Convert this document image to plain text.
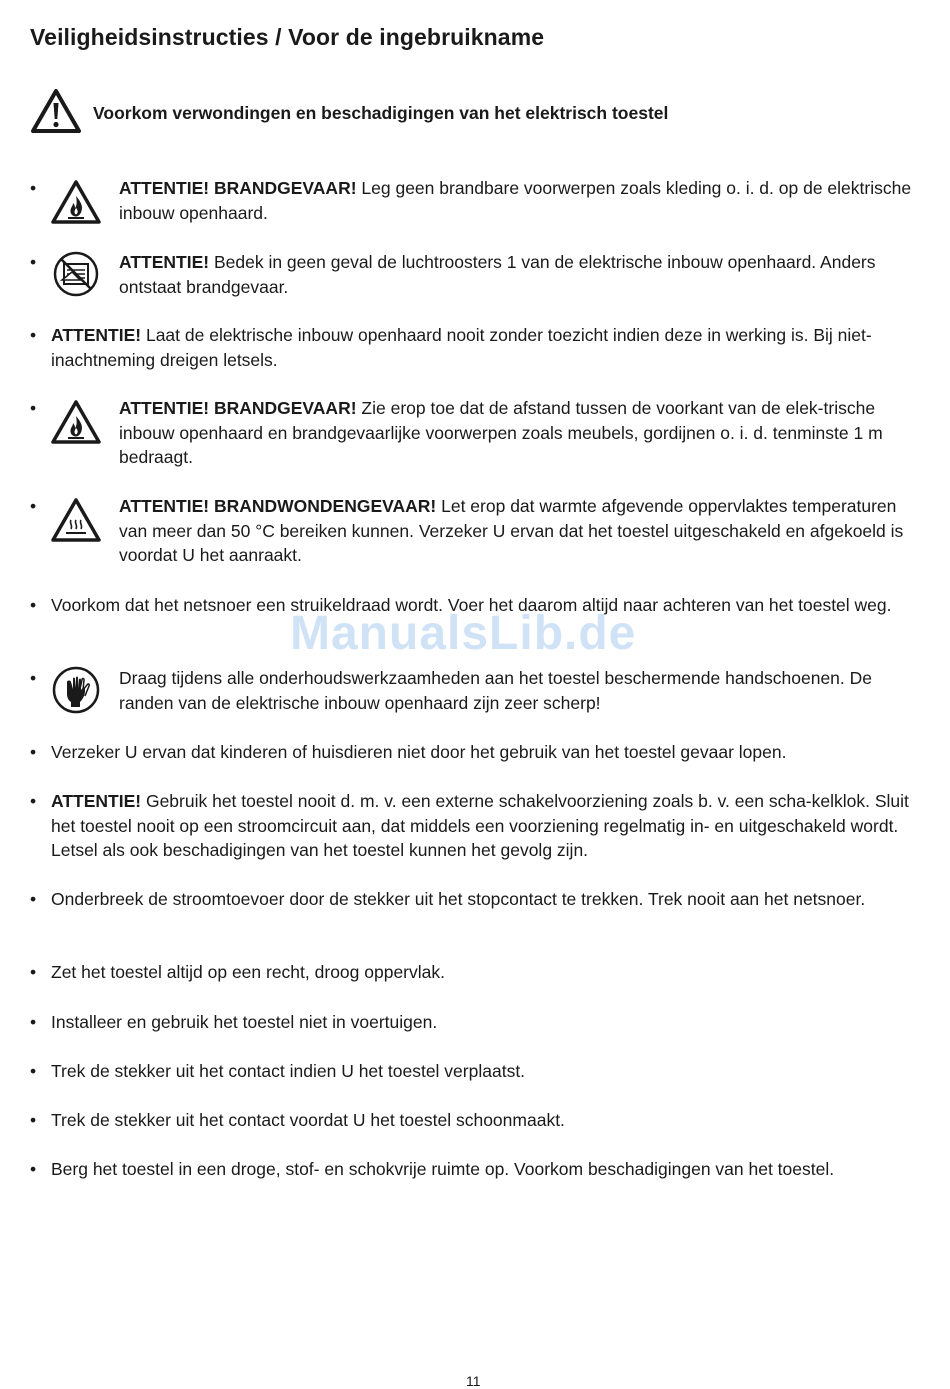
Veiligheidsinstructies / Voor de ingebruikname
Voorkom verwondingen en beschadigingen van het elektrisch toestel
•	ATTENTIE! BRANDGEVAAR! Leg geen brandbare voorwerpen zoals kleding o. i. d. op de elektrische inbouw openhaard.
•	ATTENTIE! Bedek in geen geval de luchtroosters 1 van de elektrische inbouw openhaard. Anders ontstaat brandgevaar.
• ATTENTIE! Laat de elektrische inbouw openhaard nooit zonder toezicht indien deze in werking is. Bij niet- inachtneming dreigen letsels.
•	ATTENTIE! BRANDGEVAAR! Zie erop toe dat de afstand tussen de voorkant van de elek-trische inbouw openhaard en brandgevaarlijke voorwerpen zoals meubels, gordijnen o. i. d. tenminste 1 m bedraagt.
•	ATTENTIE! BRANDWONDENGEVAAR! Let erop dat warmte afgevende oppervlaktes temperaturen van meer dan 50 °C bereiken kunnen. Verzeker U ervan dat het toestel uitgeschakeld en afgekoeld is voordat U het aanraakt.
• Voorkom dat het netsnoer een struikeldraad wordt. Voer het daarom altijd naar achteren van het toestel weg.
•	Draag tijdens alle onderhoudswerkzaamheden aan het toestel beschermende handschoenen. De randen van de elektrische inbouw openhaard zijn zeer scherp!
• Verzeker U ervan dat kinderen of huisdieren niet door het gebruik van het toestel gevaar lopen.
• ATTENTIE! Gebruik het toestel nooit d. m. v. een externe schakelvoorziening zoals b. v. een scha-kelklok. Sluit het toestel nooit op een stroomcircuit aan, dat middels een voorziening regelmatig in- en uitgeschakeld wordt. Letsel als ook beschadigingen van het toestel kunnen het gevolg zijn.
• Onderbreek de stroomtoevoer door de stekker uit het stopcontact te trekken. Trek nooit aan het netsnoer.
• Zet het toestel altijd op een recht, droog oppervlak.
• Installeer en gebruik het toestel niet in voertuigen.
• Trek de stekker uit het contact indien U het toestel verplaatst.
• Trek de stekker uit het contact voordat U het toestel schoonmaakt.
• Berg het toestel in een droge, stof- en schokvrije ruimte op. Voorkom beschadigingen van het toestel.
ManualsLib.de
11
